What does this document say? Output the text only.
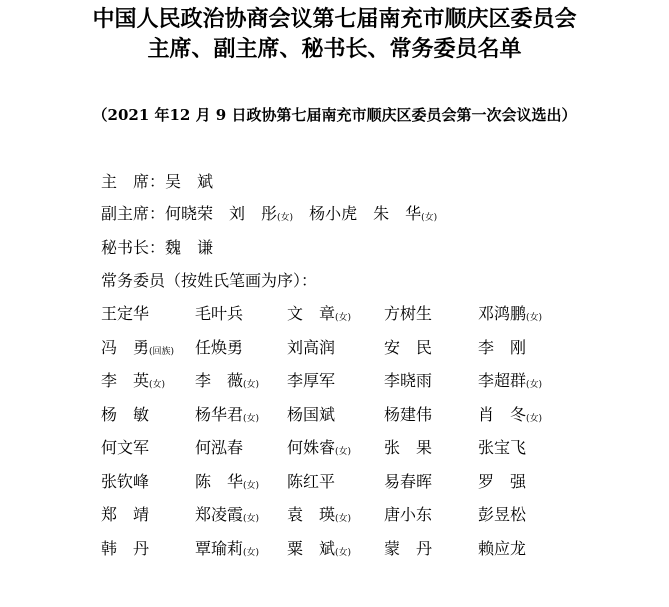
中国人民政治协商会议第七届南充市顺庆区委员会
主席、副主席、秘书长、常务委员名单
（2021 年12 月 9 日政协第七届南充市顺庆区委员会第一次会议选出）
主　席：吴　斌
副主席：何晓荣 刘　彤(女) 杨小虎 朱　华(女)
秘书长：魏　谦
常务委员（按姓氏笔画为序）：
王定华	毛叶兵	文　章(女) 方树生	邓鸿鹏(女)
冯　勇(回族) 任焕勇	刘高润	安　民	李　刚
李　英(女) 李　薇(女) 李厚军	李晓雨	李超群(女)
杨　敏	杨华君(女) 杨国斌	杨建伟	肖　冬(女)
何文军	何泓春	何姝睿(女) 张　果	张宝飞
张钦峰	陈　华(女) 陈红平	易春晖	罗　强
郑　靖	郑凌霞(女) 袁　瑛(女) 唐小东	彭昱松
韩　丹	覃瑜莉(女) 粟　斌(女) 蒙　丹	赖应龙
